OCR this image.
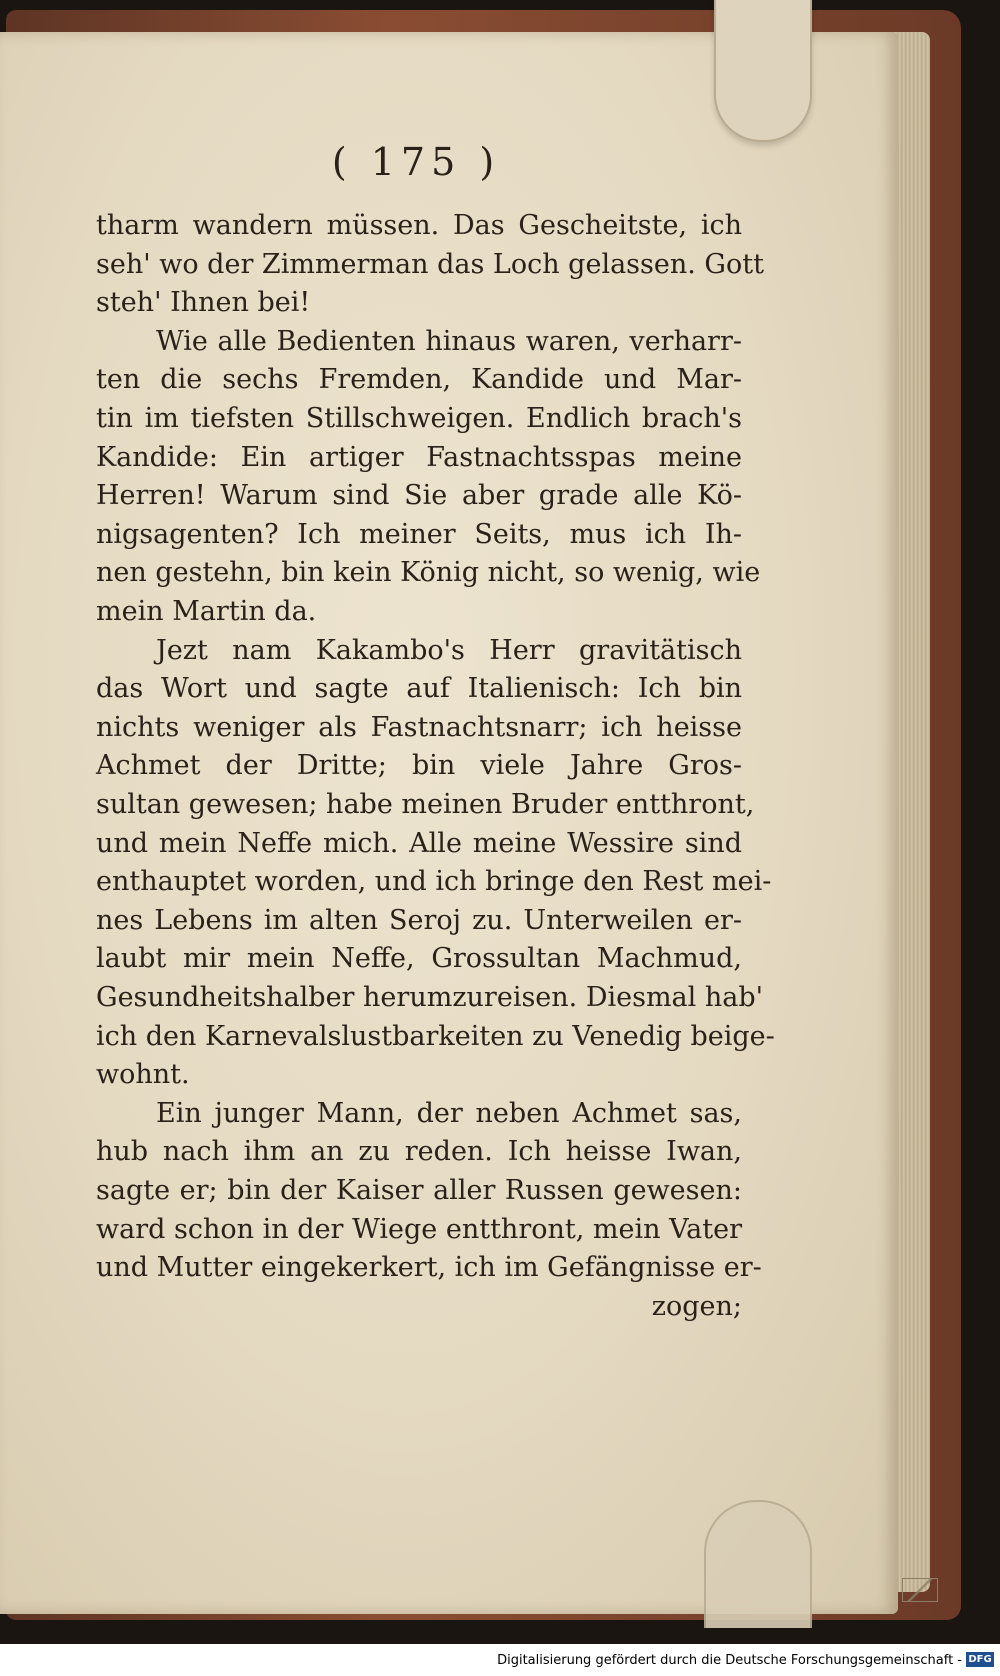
( 175 )
tharm wandern müssen. Das Gescheitste, ich
seh' wo der Zimmerman das Loch gelassen. Gott
steh' Ihnen bei!
Wie alle Bedienten hinaus waren, verharr-
ten die sechs Fremden, Kandide und Mar-
tin im tiefsten Stillschweigen. Endlich brach's
Kandide: Ein artiger Fastnachtsspas meine
Herren! Warum sind Sie aber grade alle Kö-
nigsagenten? Ich meiner Seits, mus ich Ih-
nen gestehn, bin kein König nicht, so wenig, wie
mein Martin da.
Jezt nam Kakambo's Herr gravitätisch
das Wort und sagte auf Italienisch: Ich bin
nichts weniger als Fastnachtsnarr; ich heisse
Achmet der Dritte; bin viele Jahre Gros-
sultan gewesen; habe meinen Bruder entthront,
und mein Neffe mich. Alle meine Wessire sind
enthauptet worden, und ich bringe den Rest mei-
nes Lebens im alten Seroj zu. Unterweilen er-
laubt mir mein Neffe, Grossultan Machmud,
Gesundheitshalber herumzureisen. Diesmal hab'
ich den Karnevalslustbarkeiten zu Venedig beige-
wohnt.
Ein junger Mann, der neben Achmet sas,
hub nach ihm an zu reden. Ich heisse Iwan,
sagte er; bin der Kaiser aller Russen gewesen:
ward schon in der Wiege entthront, mein Vater
und Mutter eingekerkert, ich im Gefängnisse er-
zogen;
Digitalisierung gefördert durch die Deutsche Forschungsgemeinschaft - DFG
